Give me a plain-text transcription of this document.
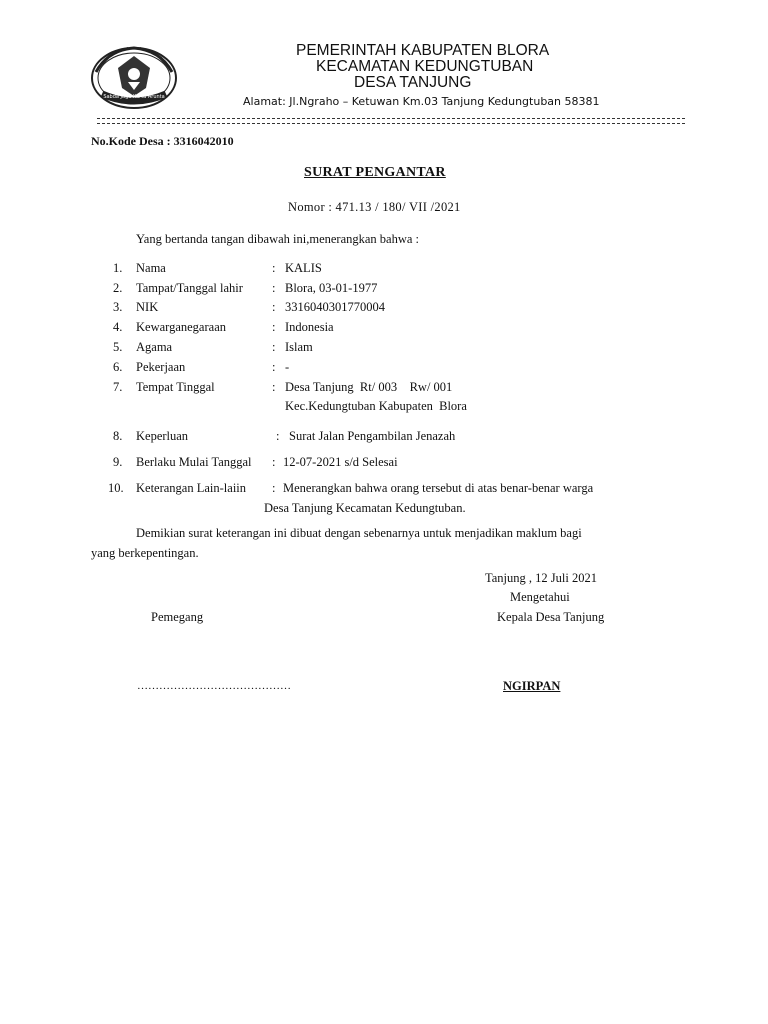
Sabda Jaga Karta Arunta
PEMERINTAH KABUPATEN BLORA
KECAMATAN KEDUNGTUBAN
DESA TANJUNG
Alamat: Jl.Ngraho – Ketuwan Km.03 Tanjung Kedungtuban 58381
No.Kode Desa : 3316042010
SURAT PENGANTAR
Nomor : 471.13 / 180/ VII /2021
Yang bertanda tangan dibawah ini,menerangkan bahwa :
1. Nama	: KALIS
2. Tampat/Tanggal lahir : Blora, 03-01-1977
3. NIK	: 3316040301770004
4. Kewarganegaraan	: Indonesia
5. Agama	: Islam
6. Pekerjaan	: -
7. Tempat Tinggal	: Desa Tanjung  Rt/ 003    Rw/ 001
Kec.Kedungtuban Kabupaten  Blora
8. Keperluan	: Surat Jalan Pengambilan Jenazah
9. Berlaku Mulai Tanggal : 12-07-2021 s/d Selesai
10. Keterangan Lain-laiin : Menerangkan bahwa orang tersebut di atas benar-benar warga
Desa Tanjung Kecamatan Kedungtuban.
Demikian surat keterangan ini dibuat dengan sebenarnya untuk menjadikan maklum bagi
yang berkepentingan.
Tanjung , 12 Juli 2021
Mengetahui
Pemegang	Kepala Desa Tanjung
……………………………………	NGIRPAN
